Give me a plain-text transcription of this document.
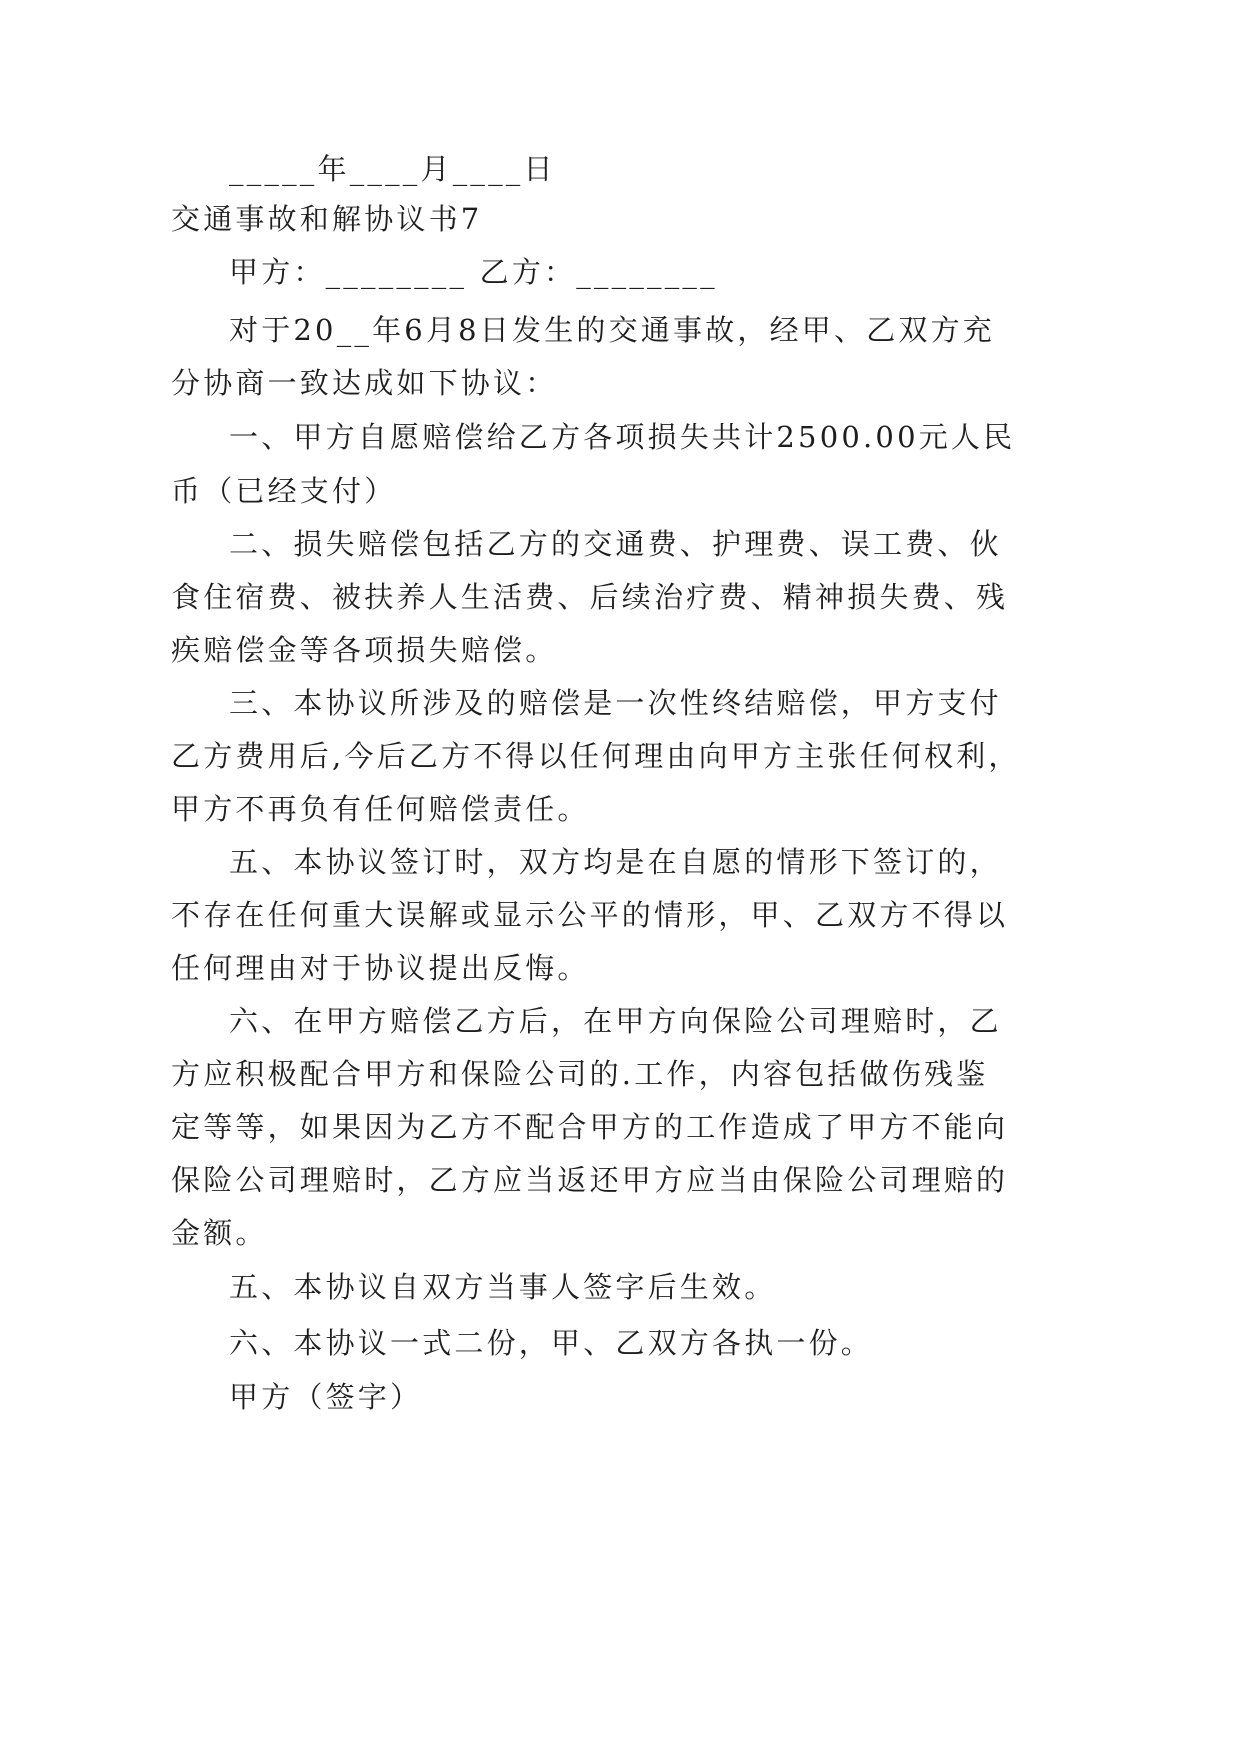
_____年____月____日
交通事故和解协议书7
甲方：________ 乙方：________
对于20__年6月8日发生的交通事故，经甲、乙双方充
分协商一致达成如下协议：
一、甲方自愿赔偿给乙方各项损失共计2500.00元人民
币（已经支付）
二、损失赔偿包括乙方的交通费、护理费、误工费、伙
食住宿费、被扶养人生活费、后续治疗费、精神损失费、残
疾赔偿金等各项损失赔偿。
三、本协议所涉及的赔偿是一次性终结赔偿，甲方支付
乙方费用后,今后乙方不得以任何理由向甲方主张任何权利，
甲方不再负有任何赔偿责任。
五、本协议签订时，双方均是在自愿的情形下签订的，
不存在任何重大误解或显示公平的情形，甲、乙双方不得以
任何理由对于协议提出反悔。
六、在甲方赔偿乙方后，在甲方向保险公司理赔时，乙
方应积极配合甲方和保险公司的.工作，内容包括做伤残鉴
定等等，如果因为乙方不配合甲方的工作造成了甲方不能向
保险公司理赔时，乙方应当返还甲方应当由保险公司理赔的
金额。
五、本协议自双方当事人签字后生效。
六、本协议一式二份，甲、乙双方各执一份。
甲方（签字）
